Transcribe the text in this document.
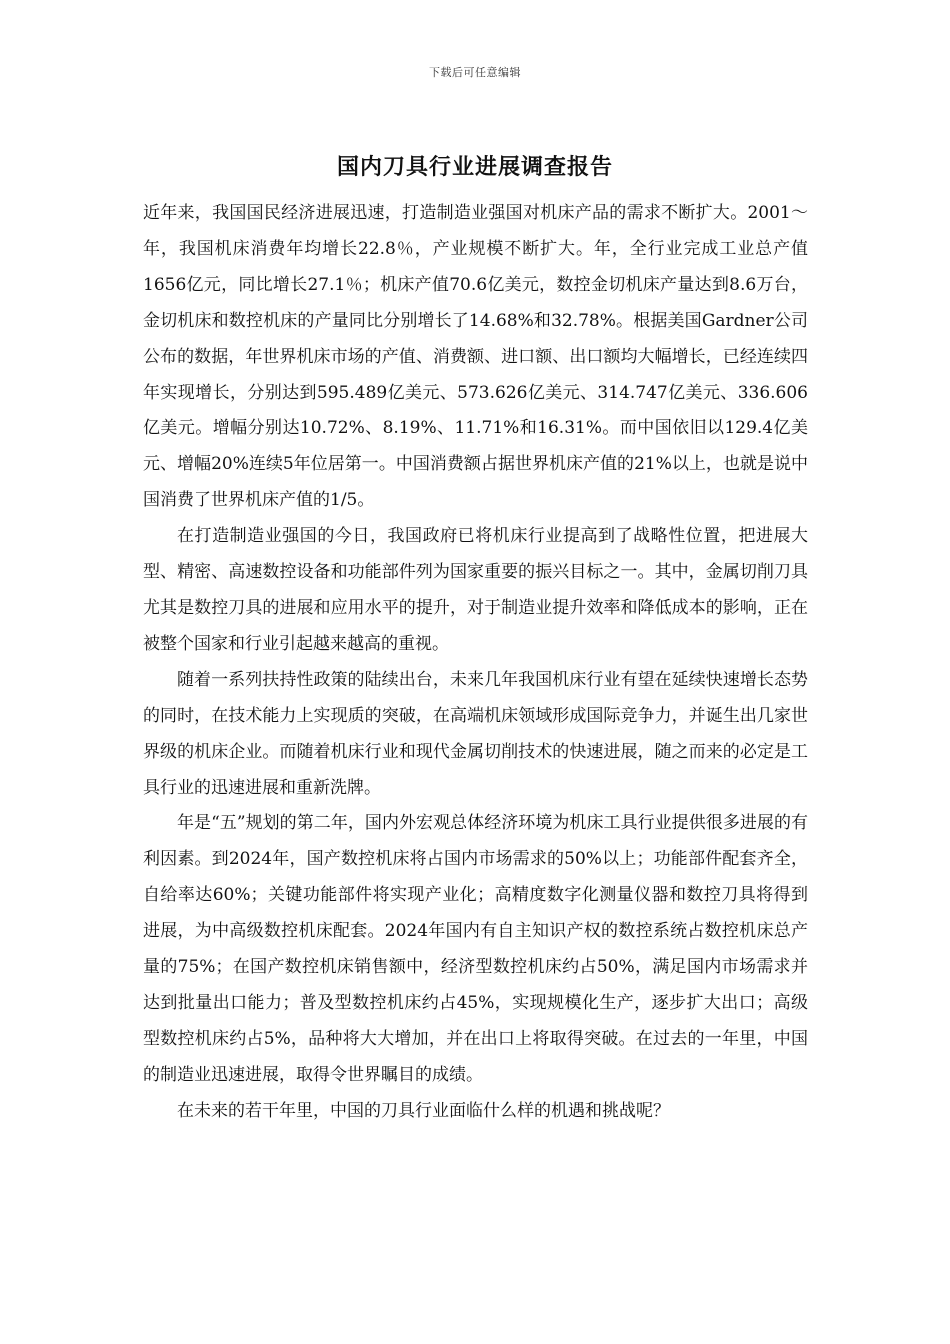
下载后可任意编辑
国内刀具行业进展调查报告

近年来，我国国民经济进展迅速，打造制造业强国对机床产品的需求不断扩大。2001～年，我国机床消费年均增长22.8％，产业规模不断扩大。年，全行业完成工业总产值1656亿元，同比增长27.1％；机床产值70.6亿美元，数控金切机床产量达到8.6万台，金切机床和数控机床的产量同比分别增长了14.68%和32.78%。根据美国Gardner公司公布的数据，年世界机床市场的产值、消费额、进口额、出口额均大幅增长，已经连续四年实现增长，分别达到595.489亿美元、573.626亿美元、314.747亿美元、336.606亿美元。增幅分别达10.72%、8.19%、11.71%和16.31%。而中国依旧以129.4亿美元、增幅20%连续5年位居第一。中国消费额占据世界机床产值的21%以上，也就是说中国消费了世界机床产值的1/5。

在打造制造业强国的今日，我国政府已将机床行业提高到了战略性位置，把进展大型、精密、高速数控设备和功能部件列为国家重要的振兴目标之一。其中，金属切削刀具尤其是数控刀具的进展和应用水平的提升，对于制造业提升效率和降低成本的影响，正在被整个国家和行业引起越来越高的重视。

随着一系列扶持性政策的陆续出台，未来几年我国机床行业有望在延续快速增长态势的同时，在技术能力上实现质的突破，在高端机床领域形成国际竞争力，并诞生出几家世界级的机床企业。而随着机床行业和现代金属切削技术的快速进展，随之而来的必定是工具行业的迅速进展和重新洗牌。

年是“五”规划的第二年，国内外宏观总体经济环境为机床工具行业提供很多进展的有利因素。到2024年，国产数控机床将占国内市场需求的50%以上；功能部件配套齐全，自给率达60%；关键功能部件将实现产业化；高精度数字化测量仪器和数控刀具将得到进展，为中高级数控机床配套。2024年国内有自主知识产权的数控系统占数控机床总产量的75%；在国产数控机床销售额中，经济型数控机床约占50%，满足国内市场需求并达到批量出口能力；普及型数控机床约占45%，实现规模化生产，逐步扩大出口；高级型数控机床约占5%，品种将大大增加，并在出口上将取得突破。在过去的一年里，中国的制造业迅速进展，取得令世界瞩目的成绩。

在未来的若干年里，中国的刀具行业面临什么样的机遇和挑战呢？
